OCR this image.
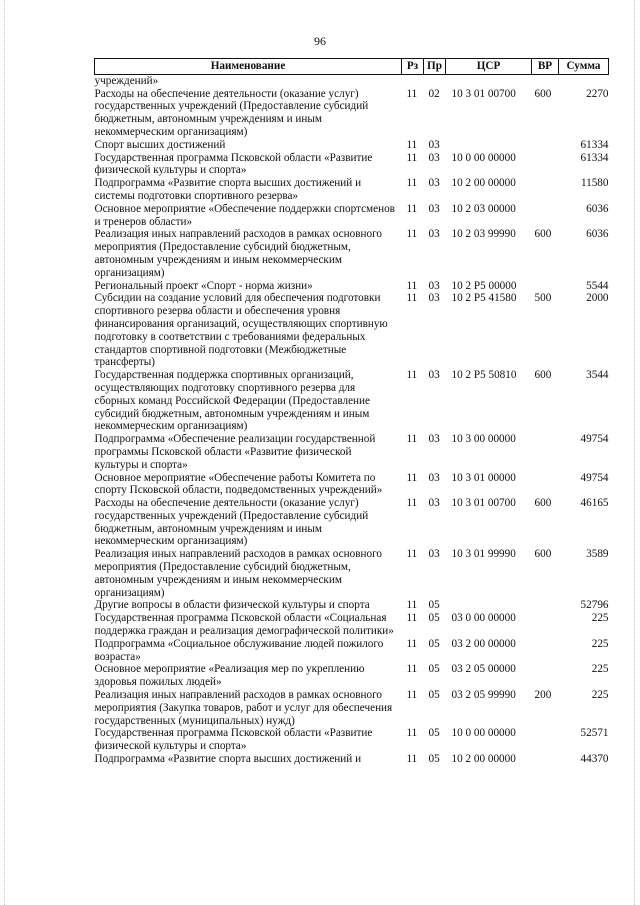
96
Наименование	Рз	Пр	ЦСР	ВР	Сумма
учреждений»					
Расходы на обеспечение деятельности (оказание услуг) государственных учреждений (Предоставление субсидий бюджетным, автономным учреждениям и иным некоммерческим организациям)	11	02	10 3 01 00700	600	2270
Спорт высших достижений	11	03			61334
Государственная программа Псковской области «Развитие физической культуры и спорта»	11	03	10 0 00 00000		61334
Подпрограмма «Развитие спорта высших достижений и системы подготовки спортивного резерва»	11	03	10 2 00 00000		11580
Основное мероприятие «Обеспечение поддержки спортсменов и тренеров области»	11	03	10 2 03 00000		6036
Реализация иных направлений расходов в рамках основного мероприятия (Предоставление субсидий бюджетным, автономным учреждениям и иным некоммерческим организациям)	11	03	10 2 03 99990	600	6036
Региональный проект «Спорт - норма жизни»	11	03	10 2 P5 00000		5544
Субсидии на создание условий для обеспечения подготовки спортивного резерва области и обеспечения уровня финансирования организаций, осуществляющих спортивную подготовку в соответствии с требованиями федеральных стандартов спортивной подготовки (Межбюджетные трансферты)	11	03	10 2 P5 41580	500	2000
Государственная поддержка спортивных организаций, осуществляющих подготовку спортивного резерва для сборных команд Российской Федерации (Предоставление субсидий бюджетным, автономным учреждениям и иным некоммерческим организациям)	11	03	10 2 P5 50810	600	3544
Подпрограмма «Обеспечение реализации государственной программы Псковской области «Развитие физической культуры и спорта»	11	03	10 3 00 00000		49754
Основное мероприятие «Обеспечение работы Комитета по спорту Псковской области, подведомственных учреждений»	11	03	10 3 01 00000		49754
Расходы на обеспечение деятельности (оказание услуг) государственных учреждений (Предоставление субсидий бюджетным, автономным учреждениям и иным некоммерческим организациям)	11	03	10 3 01 00700	600	46165
Реализация иных направлений расходов в рамках основного мероприятия (Предоставление субсидий бюджетным, автономным учреждениям и иным некоммерческим организациям)	11	03	10 3 01 99990	600	3589
Другие вопросы в области физической культуры и спорта	11	05			52796
Государственная программа Псковской области «Социальная поддержка граждан и реализация демографической политики»	11	05	03 0 00 00000		225
Подпрограмма «Социальное обслуживание людей пожилого возраста»	11	05	03 2 00 00000		225
Основное мероприятие «Реализация мер по укреплению здоровья пожилых людей»	11	05	03 2 05 00000		225
Реализация иных направлений расходов в рамках основного мероприятия (Закупка товаров, работ и услуг для обеспечения государственных (муниципальных) нужд)	11	05	03 2 05 99990	200	225
Государственная программа Псковской области «Развитие физической культуры и спорта»	11	05	10 0 00 00000		52571
Подпрограмма «Развитие спорта высших достижений и	11	05	10 2 00 00000		44370
